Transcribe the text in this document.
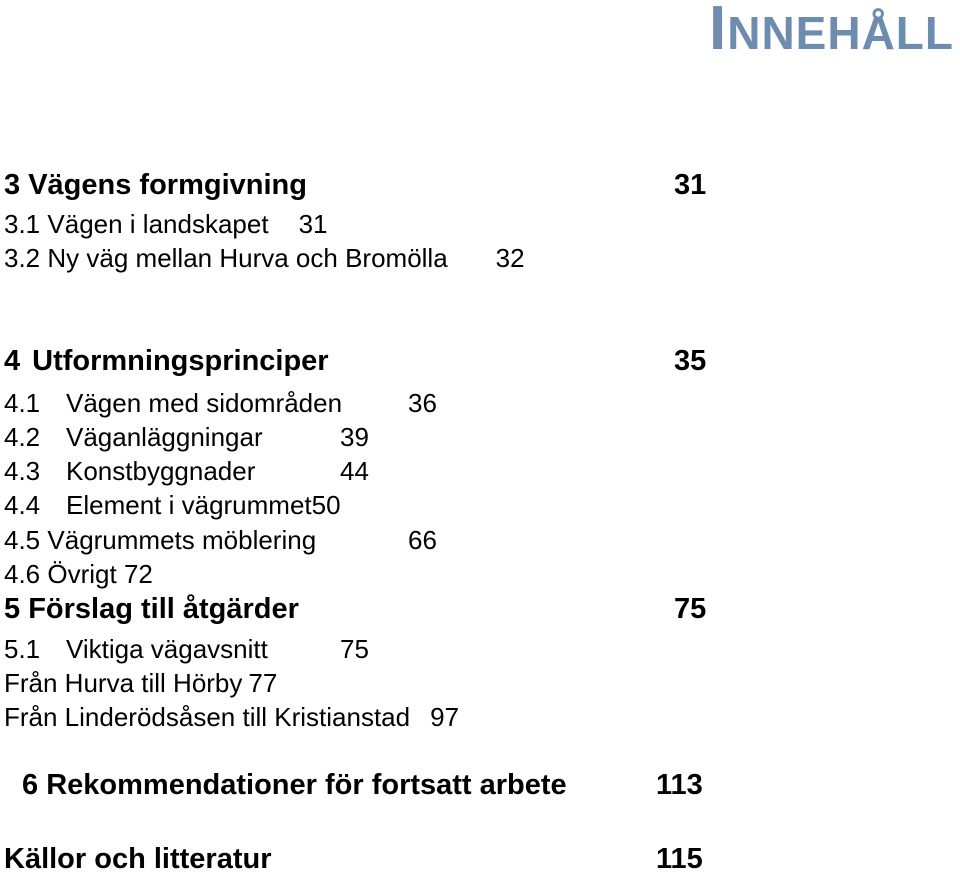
INNEHÅLL
3 Vägens formgivning	31
3.1 Vägen i landskapet 31
3.2 Ny väg mellan Hurva och Bromölla 32
4 Utformningsprinciper	35
4.1 Vägen med sidområden	36
4.2 Väganläggningar	39
4.3 Konstbyggnader	44
4.4 Element i vägrummet50
4.5 Vägrummets möblering	66
4.6 Övrigt 72
5 Förslag till åtgärder	75
5.1 Viktiga vägavsnitt	75
Från Hurva till Hörby 77
Från Linderödsåsen till Kristianstad 97
6 Rekommendationer för fortsatt arbete	113
Källor och litteratur	115
